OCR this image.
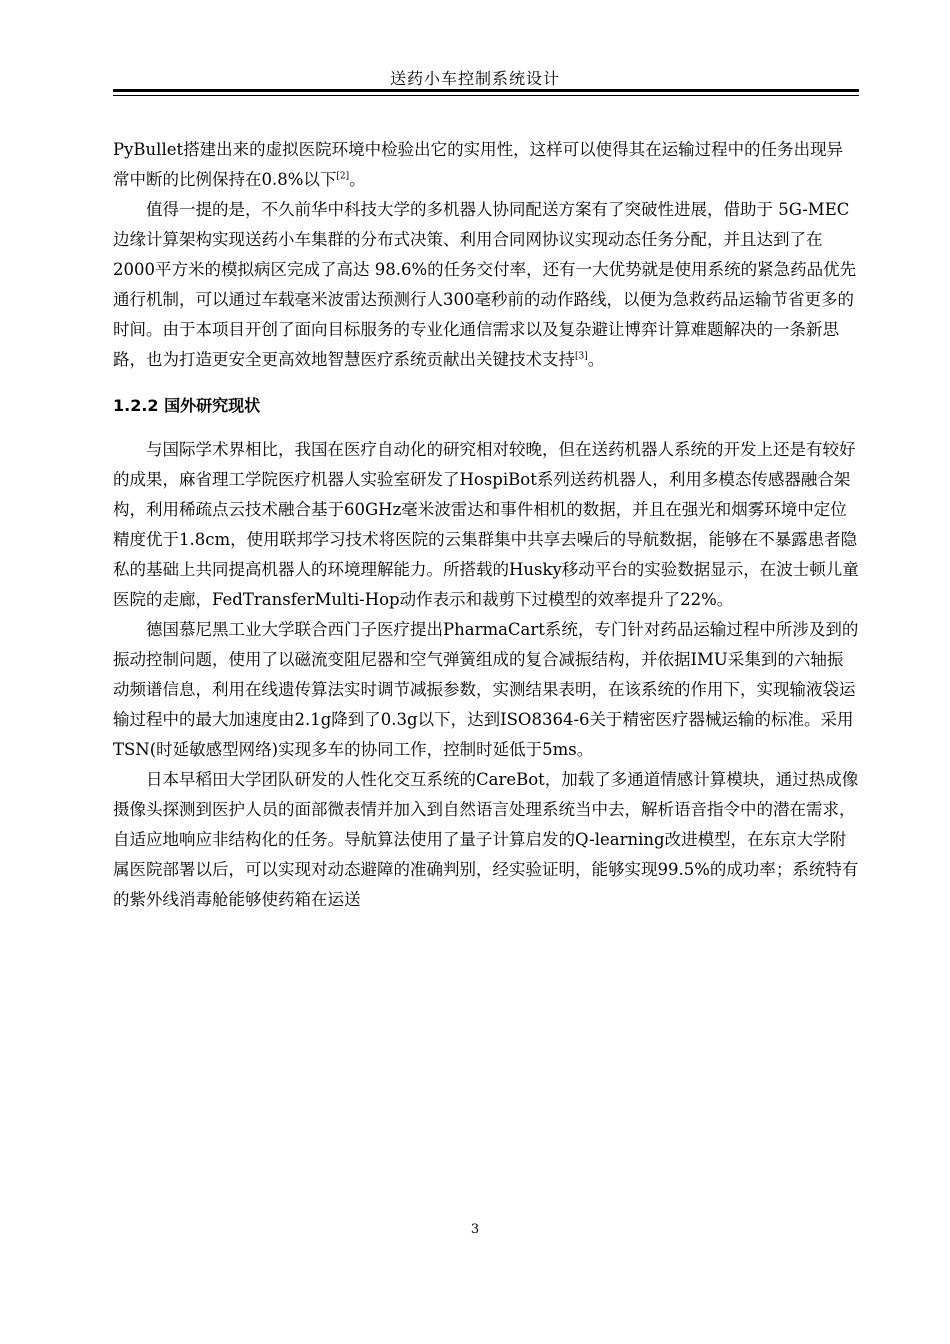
送药小车控制系统设计

PyBullet搭建出来的虚拟医院环境中检验出它的实用性，这样可以使得其在运输过程中的任务出现异常中断的比例保持在0.8%以下[2]。

值得一提的是，不久前华中科技大学的多机器人协同配送方案有了突破性进展，借助于 5G-MEC边缘计算架构实现送药小车集群的分布式决策、利用合同网协议实现动态任务分配，并且达到了在 2000平方米的模拟病区完成了高达 98.6%的任务交付率，还有一大优势就是使用系统的紧急药品优先通行机制，可以通过车载毫米波雷达预测行人300毫秒前的动作路线，以便为急救药品运输节省更多的时间。由于本项目开创了面向目标服务的专业化通信需求以及复杂避让博弈计算难题解决的一条新思路，也为打造更安全更高效地智慧医疗系统贡献出关键技术支持[3]。

1.2.2 国外研究现状

与国际学术界相比，我国在医疗自动化的研究相对较晚，但在送药机器人系统的开发上还是有较好的成果，麻省理工学院医疗机器人实验室研发了HospiBot系列送药机器人，利用多模态传感器融合架构，利用稀疏点云技术融合基于60GHz毫米波雷达和事件相机的数据，并且在强光和烟雾环境中定位精度优于1.8cm，使用联邦学习技术将医院的云集群集中共享去噪后的导航数据，能够在不暴露患者隐私的基础上共同提高机器人的环境理解能力。所搭载的Husky移动平台的实验数据显示，在波士顿儿童医院的走廊，FedTransferMulti-Hop动作表示和裁剪下过模型的效率提升了22%。

德国慕尼黑工业大学联合西门子医疗提出PharmaCart系统，专门针对药品运输过程中所涉及到的振动控制问题，使用了以磁流变阻尼器和空气弹簧组成的复合减振结构，并依据IMU采集到的六轴振动频谱信息，利用在线遗传算法实时调节减振参数，实测结果表明，在该系统的作用下，实现输液袋运输过程中的最大加速度由2.1g降到了0.3g以下，达到ISO8364-6关于精密医疗器械运输的标准。采用TSN(时延敏感型网络)实现多车的协同工作，控制时延低于5ms。

日本早稻田大学团队研发的人性化交互系统的CareBot，加载了多通道情感计算模块，通过热成像摄像头探测到医护人员的面部微表情并加入到自然语言处理系统当中去，解析语音指令中的潜在需求，自适应地响应非结构化的任务。导航算法使用了量子计算启发的Q-learning改进模型，在东京大学附属医院部署以后，可以实现对动态避障的准确判别，经实验证明，能够实现99.5%的成功率；系统特有的紫外线消毒舱能够使药箱在运送

3
